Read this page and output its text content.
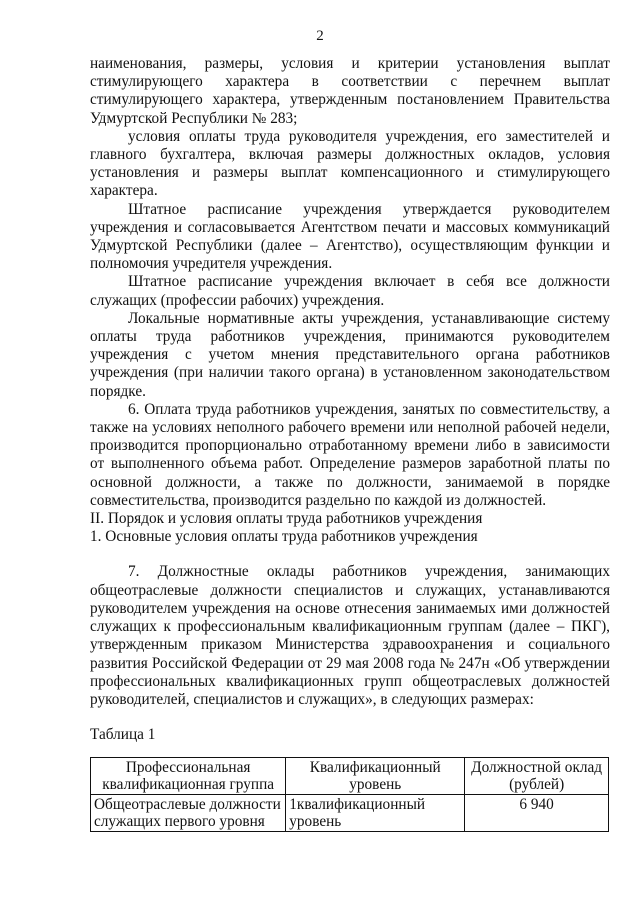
2

наименования, размеры, условия и критерии установления выплат стимулирующего характера в соответствии с перечнем выплат стимулирующего характера, утвержденным постановлением Правительства Удмуртской Республики № 283;

условия оплаты труда руководителя учреждения, его заместителей и главного бухгалтера, включая размеры должностных окладов, условия установления и размеры выплат компенсационного и стимулирующего характера.

Штатное расписание учреждения утверждается руководителем учреждения и согласовывается Агентством печати и массовых коммуникаций Удмуртской Республики (далее – Агентство), осуществляющим функции и полномочия учредителя учреждения.

Штатное расписание учреждения включает в себя все должности служащих (профессии рабочих) учреждения.

Локальные нормативные акты учреждения, устанавливающие систему оплаты труда работников учреждения, принимаются руководителем учреждения с учетом мнения представительного органа работников учреждения (при наличии такого органа) в установленном законодательством порядке.

6. Оплата труда работников учреждения, занятых по совместительству, а также на условиях неполного рабочего времени или неполной рабочей недели, производится пропорционально отработанному времени либо в зависимости от выполненного объема работ. Определение размеров заработной платы по основной должности, а также по должности, занимаемой в порядке совместительства, производится раздельно по каждой из должностей.

II. Порядок и условия оплаты труда работников учреждения

1. Основные условия оплаты труда работников учреждения

7. Должностные оклады работников учреждения, занимающих общеотраслевые должности специалистов и служащих, устанавливаются руководителем учреждения на основе отнесения занимаемых ими должностей служащих к профессиональным квалификационным группам (далее – ПКГ), утвержденным приказом Министерства здравоохранения и социального развития Российской Федерации от 29 мая 2008 года № 247н «Об утверждении профессиональных квалификационных групп общеотраслевых должностей руководителей, специалистов и служащих», в следующих размерах:

Таблица 1

Профессиональная квалификационная группа	Квалификационный уровень	Должностной оклад (рублей)
Общеотраслевые должности служащих первого уровня	1квалификационный уровень	6 940
